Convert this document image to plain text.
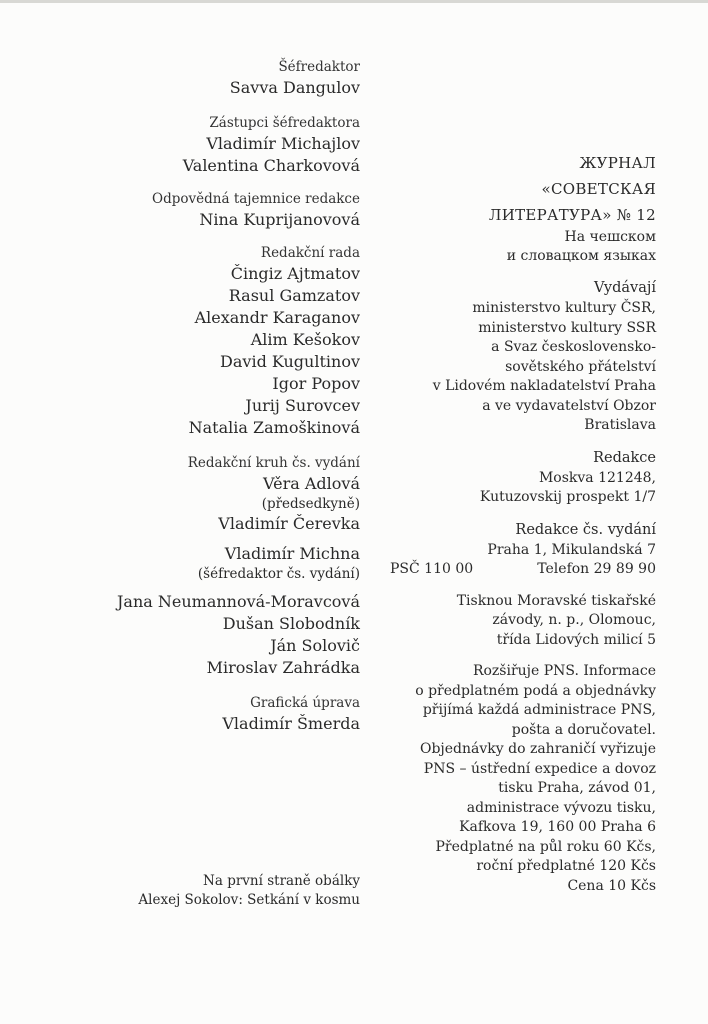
Šéfredaktor
Savva Dangulov
Zástupci šéfredaktora
Vladimír Michajlov
Valentina Charkovová
Odpovědná tajemnice redakce
Nina Kuprijanovová
Redakční rada
Čingiz Ajtmatov
Rasul Gamzatov
Alexandr Karaganov
Alim Kešokov
David Kugultinov
Igor Popov
Jurij Surovcev
Natalia Zamoškinová
Redakční kruh čs. vydání
Věra Adlová
(předsedkyně)
Vladimír Čerevka
Vladimír Michna
(šéfredaktor čs. vydání)
Jana Neumannová-Moravcová
Dušan Slobodník
Ján Solovič
Miroslav Zahrádka
Grafická úprava
Vladimír Šmerda
Na první straně obálky
Alexej Sokolov: Setkání v kosmu
ЖУРНАЛ
«СОВЕТСКАЯ
ЛИТЕРАТУРА» № 12
На чешском
и словацком языках
Vydávají
ministerstvo kultury ČSR,
ministerstvo kultury SSR
a Svaz československo-
sovětského přátelství
v Lidovém nakladatelství Praha
a ve vydavatelství Obzor
Bratislava
Redakce
Moskva 121248,
Kutuzovskij prospekt 1/7
Redakce čs. vydání
Praha 1, Mikulandská 7
PSČ 110 00	Telefon 29 89 90
Tisknou Moravské tiskařské
závody, n. p., Olomouc,
třída Lidových milicí 5
Rozšiřuje PNS. Informace
o předplatném podá a objednávky
přijímá každá administrace PNS,
pošta a doručovatel.
Objednávky do zahraničí vyřizuje
PNS – ústřední expedice a dovoz
tisku Praha, závod 01,
administrace vývozu tisku,
Kafkova 19, 160 00 Praha 6
Předplatné na půl roku 60 Kčs,
roční předplatné 120 Kčs
Cena 10 Kčs
